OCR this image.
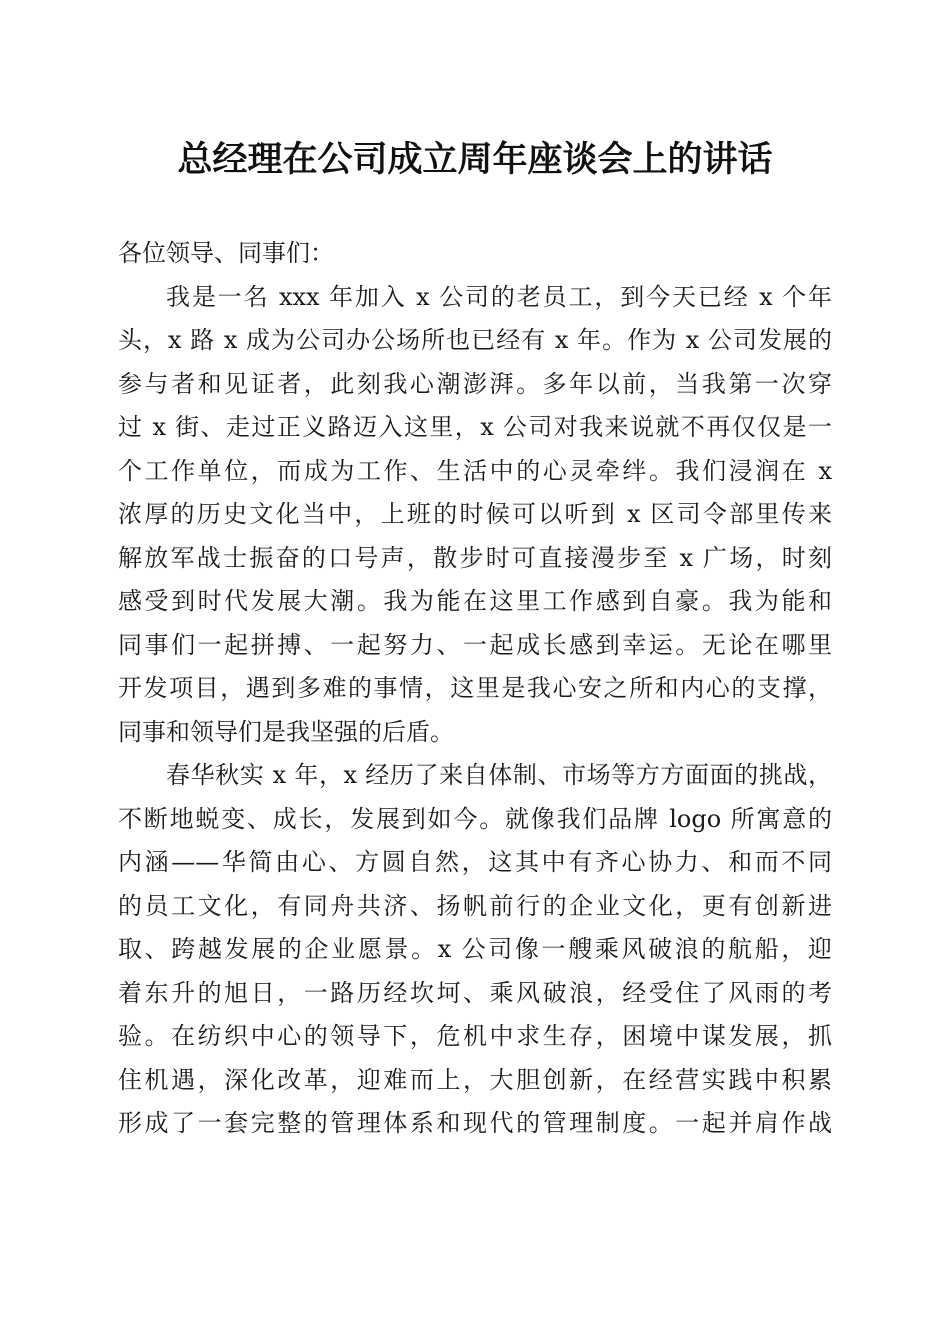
总经理在公司成立周年座谈会上的讲话
各位领导、同事们：
我是一名 xxx 年加入 x 公司的老员工，到今天已经 x 个年
头，x 路 x 成为公司办公场所也已经有 x 年。作为 x 公司发展的
参与者和见证者，此刻我心潮澎湃。多年以前，当我第一次穿
过 x 街、走过正义路迈入这里，x 公司对我来说就不再仅仅是一
个工作单位，而成为工作、生活中的心灵牵绊。我们浸润在 x
浓厚的历史文化当中，上班的时候可以听到 x 区司令部里传来
解放军战士振奋的口号声，散步时可直接漫步至 x 广场，时刻
感受到时代发展大潮。我为能在这里工作感到自豪。我为能和
同事们一起拼搏、一起努力、一起成长感到幸运。无论在哪里
开发项目，遇到多难的事情，这里是我心安之所和内心的支撑，
同事和领导们是我坚强的后盾。
春华秋实 x 年，x 经历了来自体制、市场等方方面面的挑战，
不断地蜕变、成长，发展到如今。就像我们品牌 logo 所寓意的
内涵——华简由心、方圆自然，这其中有齐心协力、和而不同
的员工文化，有同舟共济、扬帆前行的企业文化，更有创新进
取、跨越发展的企业愿景。x 公司像一艘乘风破浪的航船，迎
着东升的旭日，一路历经坎坷、乘风破浪，经受住了风雨的考
验。在纺织中心的领导下，危机中求生存，困境中谋发展，抓
住机遇，深化改革，迎难而上，大胆创新，在经营实践中积累
形成了一套完整的管理体系和现代的管理制度。一起并肩作战
